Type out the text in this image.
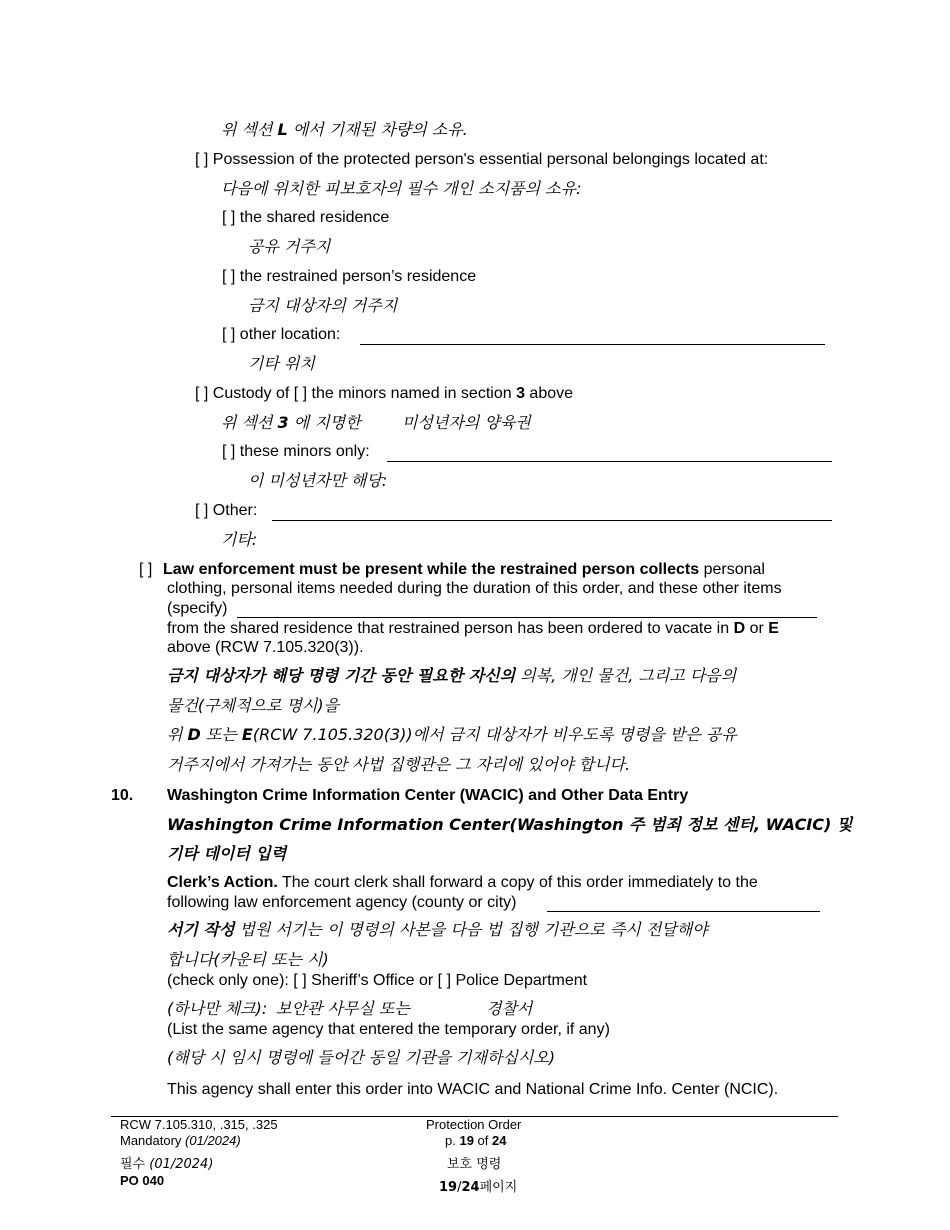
위 섹션 L 에서 기재된 차량의 소유.
[ ] Possession of the protected person's essential personal belongings located at:
다음에 위치한 피보호자의 필수 개인 소지품의 소유:
[ ] the shared residence
공유 거주지
[ ] the restrained person’s residence
금지 대상자의 거주지
[ ] other location:
기타 위치
[ ] Custody of [ ] the minors named in section 3 above
위 섹션 3 에 지명한	미성년자의 양육권
[ ] these minors only:
이 미성년자만 해당:
[ ] Other:
기타:
[ ] Law enforcement must be present while the restrained person collects personal
clothing, personal items needed during the duration of this order, and these other items
(specify)
from the shared residence that restrained person has been ordered to vacate in D or E
above (RCW 7.105.320(3)).
금지 대상자가 해당 명령 기간 동안 필요한 자신의 의복, 개인 물건, 그리고 다음의
물건(구체적으로 명시)을
위 D 또는 E(RCW 7.105.320(3))에서 금지 대상자가 비우도록 명령을 받은 공유
거주지에서 가져가는 동안 사법 집행관은 그 자리에 있어야 합니다.
10. Washington Crime Information Center (WACIC) and Other Data Entry
Washington Crime Information Center(Washington 주 범죄 정보 센터, WACIC) 및
기타 데이터 입력
Clerk’s Action. The court clerk shall forward a copy of this order immediately to the
following law enforcement agency (county or city)
서기 작성 법원 서기는 이 명령의 사본을 다음 법 집행 기관으로 즉시 전달해야
합니다(카운티 또는 시)
(check only one): [ ] Sheriff’s Office or [ ] Police Department
(하나만 체크): 보안관 사무실 또는	경찰서
(List the same agency that entered the temporary order, if any)
(해당 시 임시 명령에 들어간 동일 기관을 기재하십시오)
This agency shall enter this order into WACIC and National Crime Info. Center (NCIC).
RCW 7.105.310, .315, .325
Mandatory (01/2024)
필수 (01/2024)
PO 040
Protection Order
p. 19 of 24
보호 명령
19/24페이지
